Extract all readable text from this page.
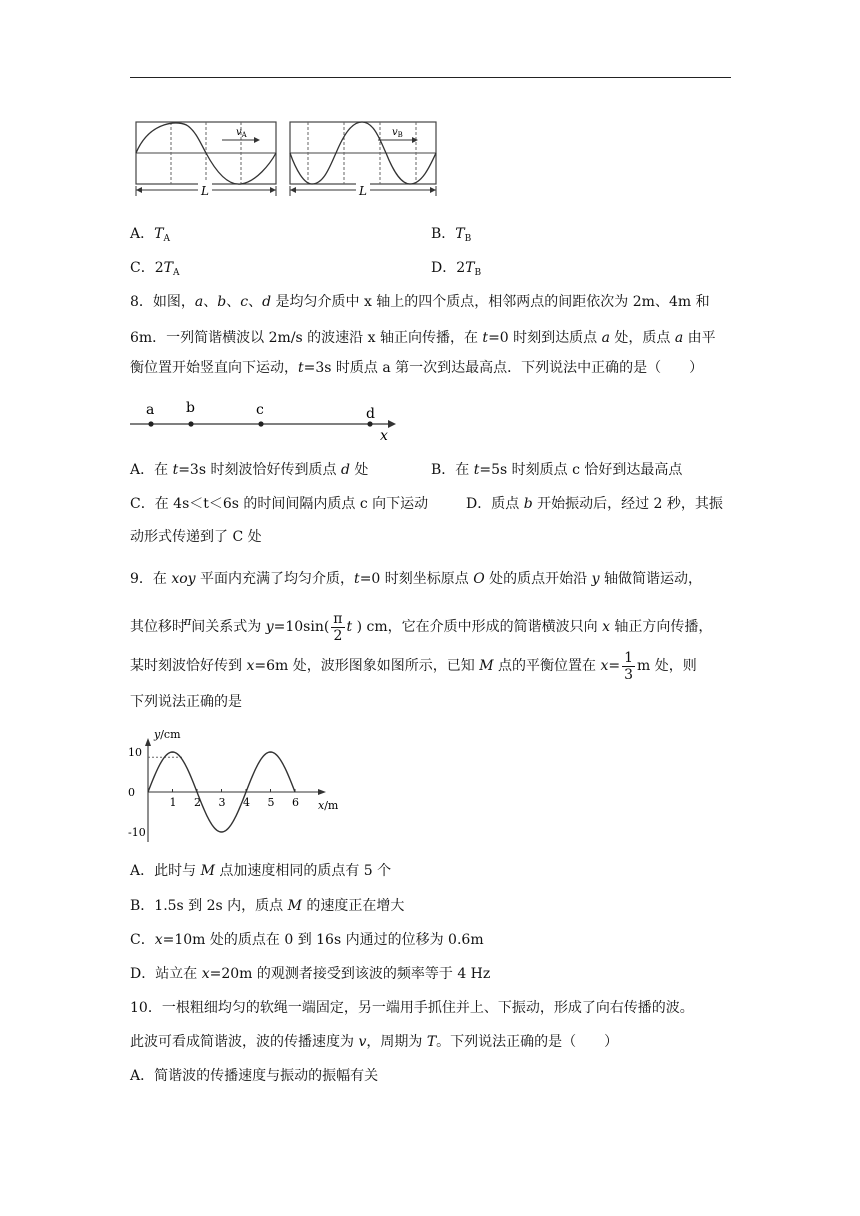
$v_A$
L
$v_B$
L
A．$T_A$	B．$T_B$
C．$2T_A$	D．$2T_B$
8．如图，a、b、c、d 是均匀介质中 x 轴上的四个质点，相邻两点的间距依次为 2m、4m 和
6m．一列简谐横波以 2m/s 的波速沿 x 轴正向传播，在 t=0 时刻到达质点 a 处，质点 a 由平
衡位置开始竖直向下运动，t=3s 时质点 a 第一次到达最高点．下列说法中正确的是（　　）
a b	c	d
x
A．在 t=3s 时刻波恰好传到质点 d 处	B．在 t=5s 时刻质点 c 恰好到达最高点
C．在 4s＜t＜6s 的时间间隔内质点 c 向下运动	D．质点 b 开始振动后，经过 2 秒，其振
动形式传递到了 C 处
9．在 xoy 平面内充满了均匀介质，t=0 时刻坐标原点 O 处的质点开始沿 y 轴做简谐运动，
其位移时$^\pi$间关系式为 $y=10\sin( \frac{\pi}{2}$ t ) cm，它在介质中形成的简谐横波只向 x 轴正方向传播，
某时刻波恰好传到 x=6m 处，波形图象如图所示，已知 M 点的平衡位置在 $x= \frac{1}{3}$ m 处，则
下列说法正确的是
y/cm
x/m
10
0
-10
1 2 3 4 5 6
A．此时与 M 点加速度相同的质点有 5 个
B．1.5s 到 2s 内，质点 M 的速度正在增大
C．x=10m 处的质点在 0 到 16s 内通过的位移为 0.6m
D．站立在 x=20m 的观测者接受到该波的频率等于 4 Hz
10．一根粗细均匀的软绳一端固定，另一端用手抓住并上、下振动，形成了向右传播的波。
此波可看成简谐波，波的传播速度为 v，周期为 T。下列说法正确的是（　　）
A．简谐波的传播速度与振动的振幅有关
